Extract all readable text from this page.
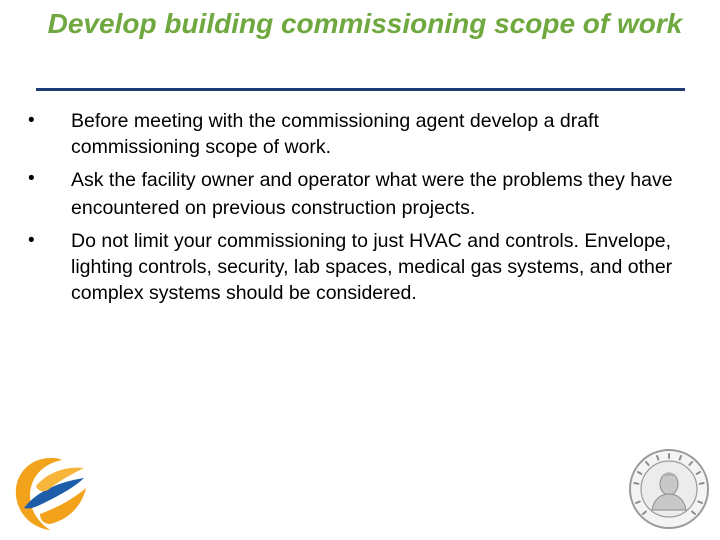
Develop building commissioning scope of work
•	Before meeting with the commissioning agent develop a draft commissioning scope of work.
•	Ask the facility owner and operator what were the problems they have encountered on previous construction projects.
•	Do not limit your commissioning to just HVAC and controls. Envelope, lighting controls, security, lab spaces, medical gas systems, and other complex systems should be considered.
